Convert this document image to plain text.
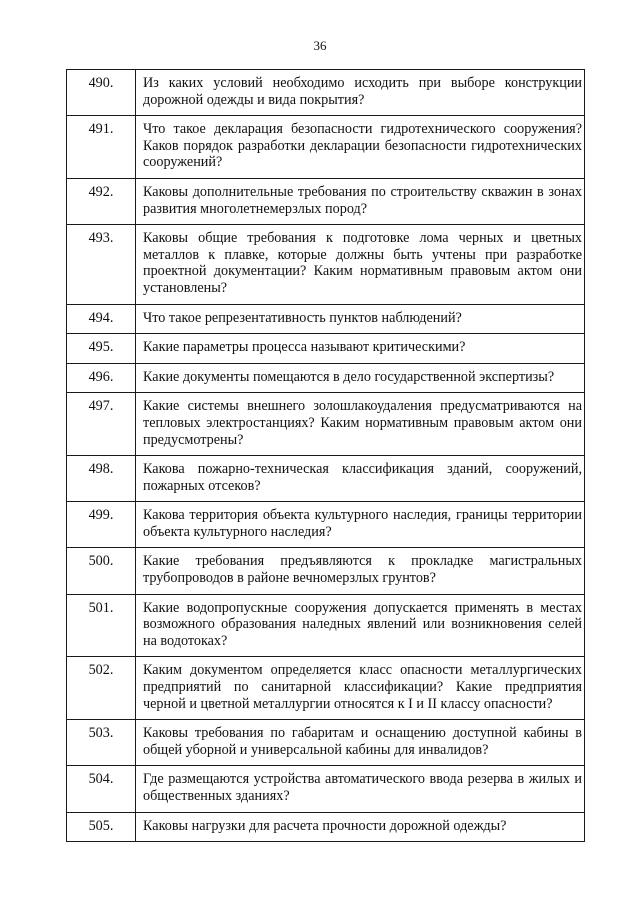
36
490.	Из каких условий необходимо исходить при выборе конструкции дорожной одежды и вида покрытия?
491.	Что такое декларация безопасности гидротехнического сооружения? Каков порядок разработки декларации безопасности гидротехнических сооружений?
492.	Каковы дополнительные требования по строительству скважин в зонах развития многолетнемерзлых пород?
493.	Каковы общие требования к подготовке лома черных и цветных металлов к плавке, которые должны быть учтены при разработке проектной документации? Каким нормативным правовым актом они установлены?
494.	Что такое репрезентативность пунктов наблюдений?
495.	Какие параметры процесса называют критическими?
496.	Какие документы помещаются в дело государственной экспертизы?
497.	Какие системы внешнего золошлакоудаления предусматриваются на тепловых электростанциях? Каким нормативным правовым актом они предусмотрены?
498.	Какова пожарно-техническая классификация зданий, сооружений, пожарных отсеков?
499.	Какова территория объекта культурного наследия, границы территории объекта культурного наследия?
500.	Какие требования предъявляются к прокладке магистральных трубопроводов в районе вечномерзлых грунтов?
501.	Какие водопропускные сооружения допускается применять в местах возможного образования наледных явлений или возникновения селей на водотоках?
502.	Каким документом определяется класс опасности металлургических предприятий по санитарной классификации? Какие предприятия черной и цветной металлургии относятся к I и II классу опасности?
503.	Каковы требования по габаритам и оснащению доступной кабины в общей уборной и универсальной кабины для инвалидов?
504.	Где размещаются устройства автоматического ввода резерва в жилых и общественных зданиях?
505.	Каковы нагрузки для расчета прочности дорожной одежды?
